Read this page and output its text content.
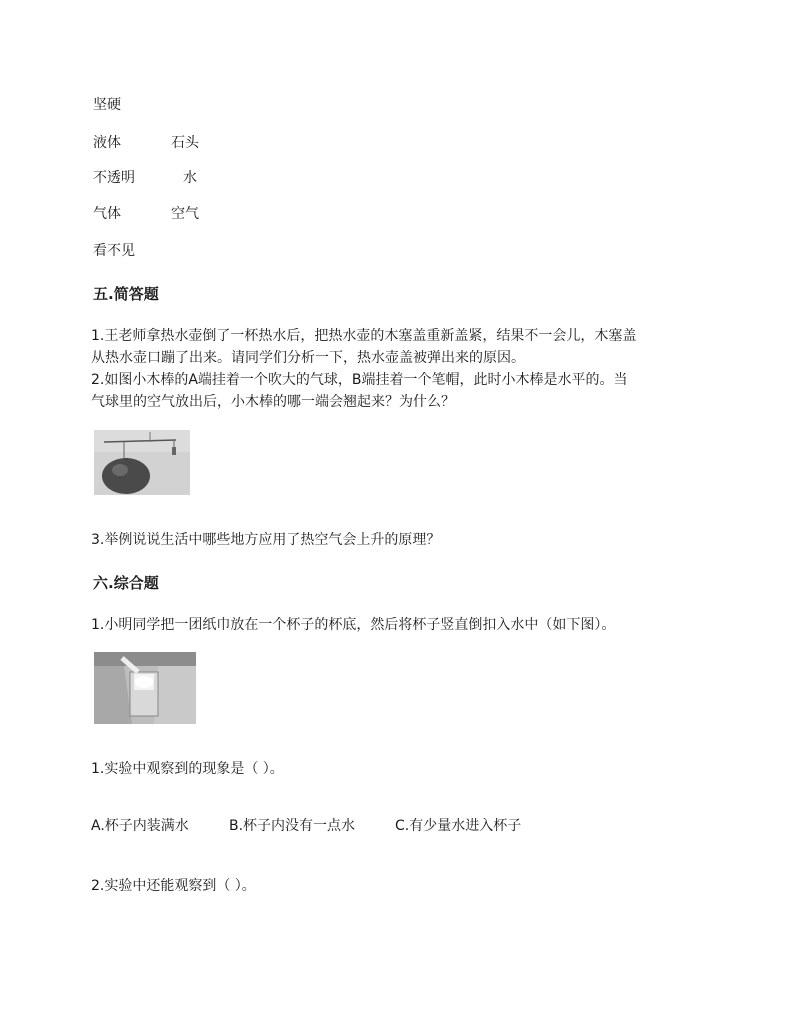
坚硬
液体	石头
不透明	水
气体	空气
看不见
五.简答题
1.王老师拿热水壶倒了一杯热水后，把热水壶的木塞盖重新盖紧，结果不一会儿，木塞盖
从热水壶口蹦了出来。请同学们分析一下，热水壶盖被弹出来的原因。
2.如图小木棒的A端挂着一个吹大的气球，B端挂着一个笔帽，此时小木棒是水平的。当
气球里的空气放出后，小木棒的哪一端会翘起来？为什么？
3.举例说说生活中哪些地方应用了热空气会上升的原理？
六.综合题
1.小明同学把一团纸巾放在一个杯子的杯底，然后将杯子竖直倒扣入水中（如下图）。
1.实验中观察到的现象是（ ）。
A.杯子内装满水	B.杯子内没有一点水	C.有少量水进入杯子
2.实验中还能观察到（ ）。
